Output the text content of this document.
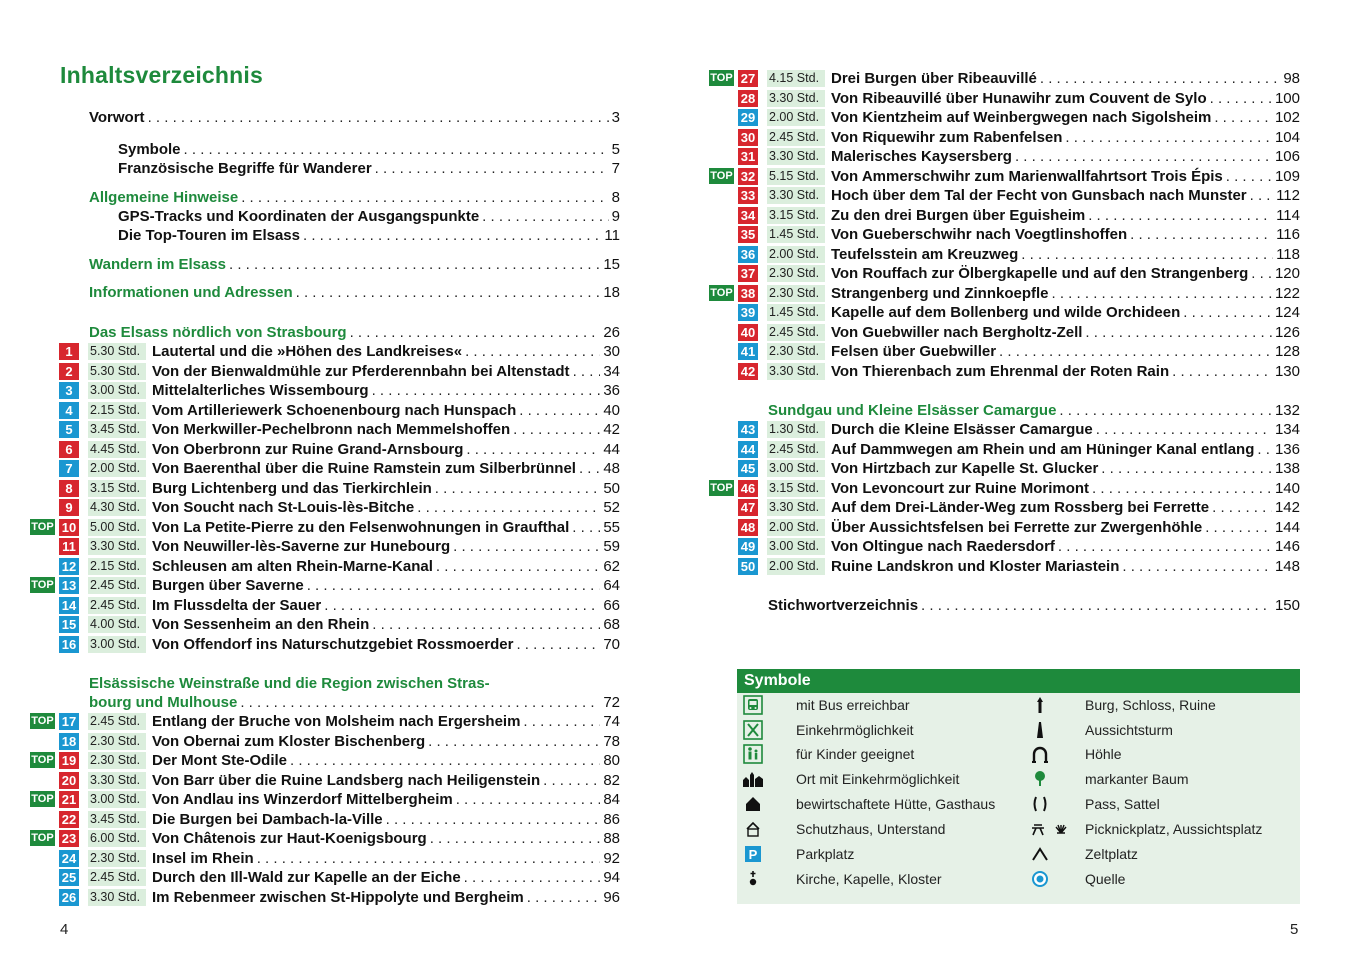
Inhaltsverzeichnis
Vorwort . . .	3
Symbole . . .	5
Französische Begriffe für Wanderer . . .	7
Allgemeine Hinweise . . .	8
GPS-Tracks und Koordinaten der Ausgangspunkte . . .	9
Die Top-Touren im Elsass . . .	11
Wandern im Elsass . . .	15
Informationen und Adressen . . .	18
Das Elsass nördlich von Strasbourg . . .	26
1	5.30 Std. Lautertal und die »Höhen des Landkreises« . . .	30
2	5.30 Std. Von der Bienwaldmühle zur Pferderennbahn bei Altenstadt . . . 34
3	3.00 Std. Mittelalterliches Wissembourg . . .	36
4	2.15 Std. Vom Artilleriewerk Schoenenbourg nach Hunspach . . .	40
5	3.45 Std. Von Merkwiller-Pechelbronn nach Memmelshoffen . . .	42
6	4.45 Std. Von Oberbronn zur Ruine Grand-Arnsbourg . . .	44
7	2.00 Std. Von Baerenthal über die Ruine Ramstein zum Silberbrünnel . . . 48
8	3.15 Std. Burg Lichtenberg und das Tierkirchlein . . .	50
9	4.30 Std. Von Soucht nach St-Louis-lès-Bitche . . .	52
TOP 10 5.00 Std. Von La Petite-Pierre zu den Felsenwohnungen in Graufthal . . . 55
11 3.30 Std. Von Neuwiller-lès-Saverne zur Hunebourg . . .	59
12 2.15 Std. Schleusen am alten Rhein-Marne-Kanal . . .	62
TOP 13 2.45 Std. Burgen über Saverne . . .	64
14 2.45 Std. Im Flussdelta der Sauer . . .	66
15 4.00 Std. Von Sessenheim an den Rhein . . .	68
16 3.00 Std. Von Offendorf ins Naturschutzgebiet Rossmoerder . . .	70
Elsässische Weinstraße und die Region zwischen Stras-
bourg und Mulhouse . . .	72
TOP 17 2.45 Std. Entlang der Bruche von Molsheim nach Ergersheim . . .	74
18 2.30 Std. Von Obernai zum Kloster Bischenberg . . .	78
TOP 19 2.30 Std. Der Mont Ste-Odile . . .	80
20 3.30 Std. Von Barr über die Ruine Landsberg nach Heiligenstein . . .	82
TOP 21 3.00 Std. Von Andlau ins Winzerdorf Mittelbergheim . . .	84
22 3.45 Std. Die Burgen bei Dambach-la-Ville . . .	86
TOP 23 6.00 Std. Von Châtenois zur Haut-Koenigsbourg . . .	88
24 2.30 Std. Insel im Rhein . . .	92
25 2.45 Std. Durch den Ill-Wald zur Kapelle an der Eiche . . .	94
26 3.30 Std. Im Rebenmeer zwischen St-Hippolyte und Bergheim . . .	96
4
TOP 27 4.15 Std. Drei Burgen über Ribeauvillé . . .	98
28 3.30 Std. Von Ribeauvillé über Hunawihr zum Couvent de Sylo . . .	100
29 2.00 Std. Von Kientzheim auf Weinbergwegen nach Sigolsheim . . .	102
30 2.45 Std. Von Riquewihr zum Rabenfelsen . . .	104
31 3.30 Std. Malerisches Kaysersberg . . .	106
TOP 32 5.15 Std. Von Ammerschwihr zum Marienwallfahrtsort Trois Épis . . .	109
33 3.30 Std. Hoch über dem Tal der Fecht von Gunsbach nach Munster . . . 112
34 3.15 Std. Zu den drei Burgen über Eguisheim . . .	114
35 1.45 Std. Von Gueberschwihr nach Voegtlinshoffen . . .	116
36 2.00 Std. Teufelsstein am Kreuzweg . . .	118
37 2.30 Std. Von Rouffach zur Ölbergkapelle und auf den Strangenberg . . . 120
TOP 38 2.30 Std. Strangenberg und Zinnkoepfle . . .	122
39 1.45 Std. Kapelle auf dem Bollenberg und wilde Orchideen . . .	124
40 2.45 Std. Von Guebwiller nach Bergholtz-Zell . . .	126
41 2.30 Std. Felsen über Guebwiller . . .	128
42 3.30 Std. Von Thierenbach zum Ehrenmal der Roten Rain . . .	130
Sundgau und Kleine Elsässer Camargue . . .	132
43 1.30 Std. Durch die Kleine Elsässer Camargue . . .	134
44 2.45 Std. Auf Dammwegen am Rhein und am Hüninger Kanal entlang . . . 136
45 3.00 Std. Von Hirtzbach zur Kapelle St. Glucker . . .	138
TOP 46 3.15 Std. Von Levoncourt zur Ruine Morimont . . .	140
47 3.30 Std. Auf dem Drei-Länder-Weg zum Rossberg bei Ferrette . . .	142
48 2.00 Std. Über Aussichtsfelsen bei Ferrette zur Zwergenhöhle . . .	144
49 3.00 Std. Von Oltingue nach Raedersdorf . . .	146
50 2.00 Std. Ruine Landskron und Kloster Mariastein . . .	148
Stichwortverzeichnis . . .	150
5
Symbole
mit Bus erreichbar
Einkehrmöglichkeit
für Kinder geeignet
Ort mit Einkehrmöglichkeit
bewirtschaftete Hütte, Gasthaus
Schutzhaus, Unterstand
P	Parkplatz
Kirche, Kapelle, Kloster
Burg, Schloss, Ruine
Aussichtsturm
Höhle
markanter Baum
Pass, Sattel
Picknickplatz, Aussichtsplatz
Zeltplatz
Quelle
